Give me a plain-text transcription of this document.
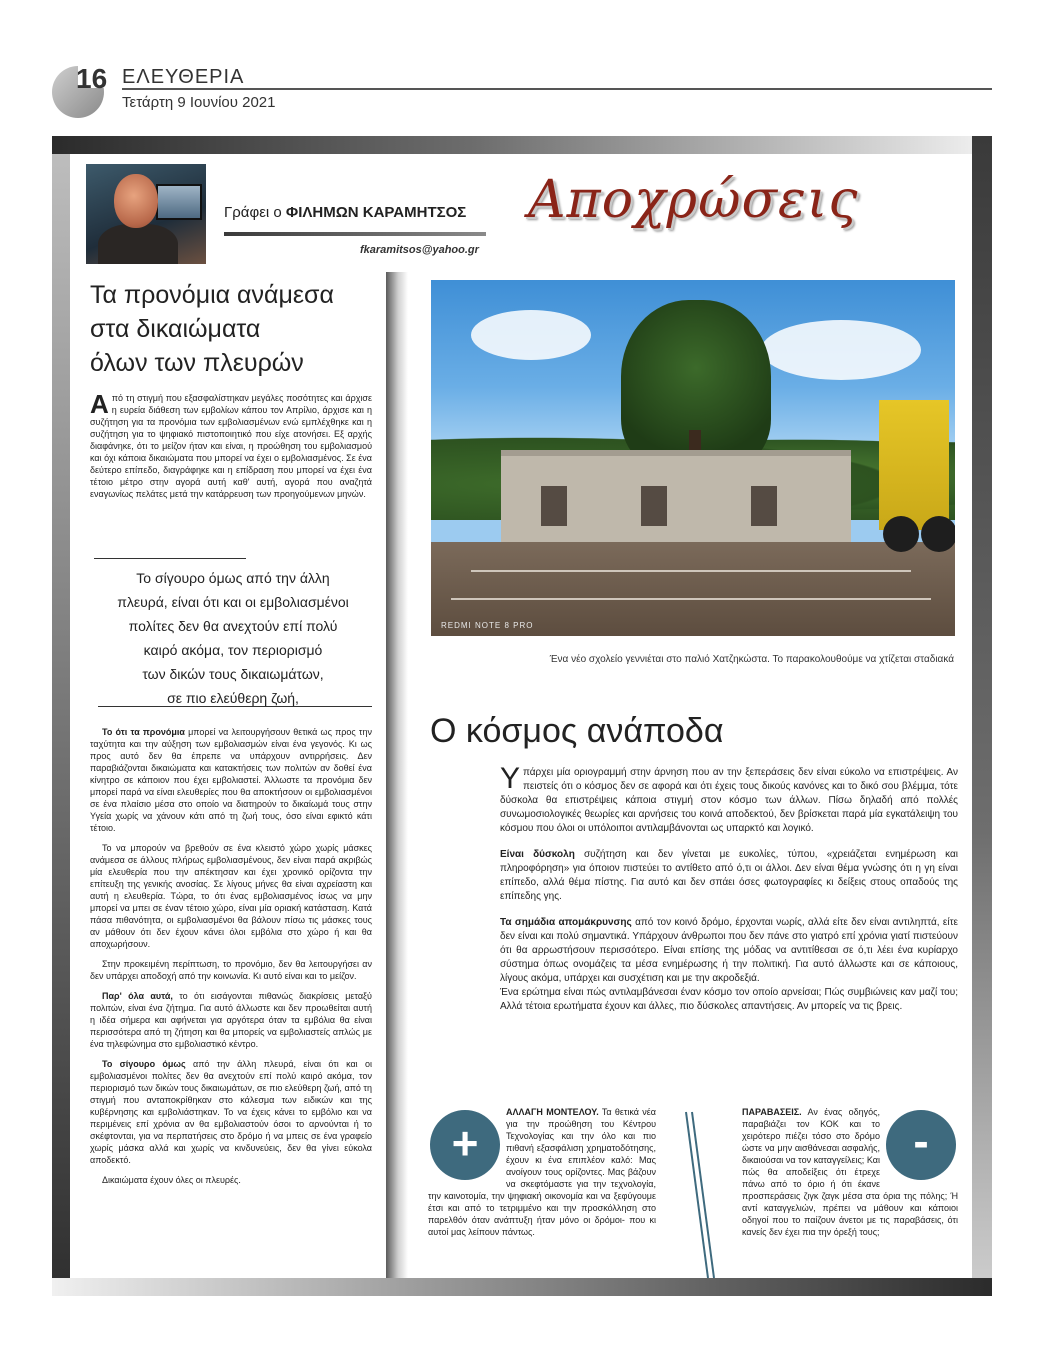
16 ΕΛΕΥΘΕΡΙΑ
Τετάρτη 9 Ιουνίου 2021
Γράφει ο ΦΙΛΗΜΩΝ ΚΑΡΑΜΗΤΣΟΣ
fkaramitsos@yahoo.gr
Αποχρώσεις
Τα προνόμια ανάμεσα
στα δικαιώματα
όλων των πλευρών
Α πό τη στιγμή που εξασφαλίστηκαν μεγάλες ποσότητες και άρχισε η ευρεία διάθεση των εμβολίων κάπου τον Απρίλιο, άρχισε και η συζήτηση για τα προνόμια των εμβολιασμένων ενώ εμπλέχθηκε και η συζήτηση για το ψηφιακό πιστοποιητικό που είχε ατονήσει. Εξ αρχής διαφάνηκε, ότι το μείζον ήταν και είναι, η προώθηση του εμβολιασμού και όχι κάποια δικαιώματα που μπορεί να έχει ο εμβολιασμένος. Σε ένα δεύτερο επίπεδο, διαγράφηκε και η επίδραση που μπορεί να έχει ένα τέτοιο μέτρο στην αγορά αυτή καθ' αυτή, αγορά που αναζητά εναγωνίως πελάτες μετά την κατάρρευση των προηγούμενων μηνών.
Το σίγουρο όμως από την άλλη
πλευρά, είναι ότι και οι εμβολιασμένοι
πολίτες δεν θα ανεχτούν επί πολύ
καιρό ακόμα, τον περιορισμό
των δικών τους δικαιωμάτων,
σε πιο ελεύθερη ζωή,

Το ότι τα προνόμια μπορεί να λειτουργήσουν θετικά ως προς την ταχύτητα και την αύξηση των εμβολιασμών είναι ένα γεγονός. Κι ως προς αυτό δεν θα έπρεπε να υπάρχουν αντιρρήσεις. Δεν παραβιάζονται δικαιώματα και κατακτήσεις των πολιτών αν δοθεί ένα κίνητρο σε κάποιον που έχει εμβολιαστεί. Άλλωστε τα προνόμια δεν μπορεί παρά να είναι ελευθερίες που θα αποκτήσουν οι εμβολιασμένοι σε ένα πλαίσιο μέσα στο οποίο να διατηρούν το δικαίωμά τους στην Υγεία χωρίς να χάνουν κάτι από τη ζωή τους, όσο είναι εφικτό κάτι τέτοιο.

Το να μπορούν να βρεθούν σε ένα κλειστό χώρο χωρίς μάσκες ανάμεσα σε άλλους πλήρως εμβολιασμένους, δεν είναι παρά ακριβώς μία ελευθερία που την απέκτησαν και έχει χρονικό ορίζοντα την επίτευξη της γενικής ανοσίας. Σε λίγους μήνες θα είναι αχρείαστη και αυτή η ελευθερία. Τώρα, το ότι ένας εμβολιασμένος ίσως να μην μπορεί να μπει σε έναν τέτοιο χώρο, είναι μία οριακή κατάσταση. Κατά πάσα πιθανότητα, οι εμβολιασμένοι θα βάλουν πίσω τις μάσκες τους αν μάθουν ότι δεν έχουν κάνει όλοι εμβόλια στο χώρο ή και θα αποχωρήσουν.

Στην προκειμένη περίπτωση, το προνόμιο, δεν θα λειτουργήσει αν δεν υπάρχει αποδοχή από την κοινωνία. Κι αυτό είναι και το μείζον.

Παρ' όλα αυτά, το ότι εισάγονται πιθανώς διακρίσεις μεταξύ πολιτών, είναι ένα ζήτημα. Για αυτό άλλωστε και δεν προωθείται αυτή η ιδέα σήμερα και αφήνεται για αργότερα όταν τα εμβόλια θα είναι περισσότερα από τη ζήτηση και θα μπορείς να εμβολιαστείς απλώς με ένα τηλεφώνημα στο εμβολιαστικό κέντρο.

Το σίγουρο όμως από την άλλη πλευρά, είναι ότι και οι εμβολιασμένοι πολίτες δεν θα ανεχτούν επί πολύ καιρό ακόμα, τον περιορισμό των δικών τους δικαιωμάτων, σε πιο ελεύθερη ζωή, από τη στιγμή που ανταποκρίθηκαν στο κάλεσμα των ειδικών και της κυβέρνησης και εμβολιάστηκαν. Το να έχεις κάνει το εμβόλιο και να περιμένεις επί χρόνια αν θα εμβολιαστούν όσοι το αρνούνται ή το σκέφτονται, για να περπατήσεις στο δρόμο ή να μπεις σε ένα γραφείο χωρίς μάσκα αλλά και χωρίς να κινδυνεύεις, δεν θα γίνει εύκολα αποδεκτό.

Δικαιώματα έχουν όλες οι πλευρές.

REDMI NOTE 8 PRO
Ένα νέο σχολείο γεννιέται στο παλιό Χατζηκώστα. Το παρακολουθούμε να χτίζεται σταδιακά
Ο κόσμος ανάποδα

Υπάρχει μία οριογραμμή στην άρνηση που αν την ξεπεράσεις δεν είναι εύκολο να επιστρέψεις. Αν πειστείς ότι ο κόσμος δεν σε αφορά και ότι έχεις τους δικούς κανόνες και το δικό σου βλέμμα, τότε δύσκολα θα επιστρέψεις κάποια στιγμή στον κόσμο των άλλων. Πίσω δηλαδή από πολλές συνωμοσιολογικές θεωρίες και αρνήσεις του κοινά αποδεκτού, δεν βρίσκεται παρά μία εγκατάλειψη του κόσμου που όλοι οι υπόλοιποι αντιλαμβάνονται ως υπαρκτό και λογικό.

Είναι δύσκολη συζήτηση και δεν γίνεται με ευκολίες, τύπου, «χρειάζεται ενημέρωση και πληροφόρηση» για όποιον πιστεύει το αντίθετο από ό,τι οι άλλοι. Δεν είναι θέμα γνώσης ότι η γη είναι επίπεδο, αλλά θέμα πίστης. Για αυτό και δεν σπάει όσες φωτογραφίες κι δείξεις στους οπαδούς της επίπεδης γης.

Τα σημάδια απομάκρυνσης από τον κοινό δρόμο, έρχονται νωρίς, αλλά είτε δεν είναι αντιληπτά, είτε δεν είναι και πολύ σημαντικά. Υπάρχουν άνθρωποι που δεν πάνε στο γιατρό επί χρόνια γιατί πιστεύουν ότι θα αρρωστήσουν περισσότερο. Είναι επίσης της μόδας να αντιτίθεσαι σε ό,τι λέει ένα κυρίαρχο σύστημα όπως ονομάζεις τα μέσα ενημέρωσης ή την πολιτική. Για αυτό άλλωστε και σε κάποιους, λίγους ακόμα, υπάρχει και συσχέτιση και με την ακροδεξιά.

Ένα ερώτημα είναι πώς αντιλαμβάνεσαι έναν κόσμο τον οποίο αρνείσαι; Πώς συμβιώνεις καν μαζί του; Αλλά τέτοια ερωτήματα έχουν και άλλες, πιο δύσκολες απαντήσεις. Αν μπορείς να τις βρεις.

ΑΛΛΑΓΗ ΜΟΝΤΕΛΟΥ. Τα θετικά νέα για την προώθηση του Κέντρου Τεχνολογίας και την όλο και πιο πιθανή εξασφάλιση χρηματοδότησης, έχουν κι ένα επιπλέον καλό: Μας ανοίγουν τους ορίζοντες. Μας βάζουν να σκεφτόμαστε για την τεχνολογία, την καινοτομία, την ψηφιακή οικονομία και να ξεφύγουμε έτσι και από το τετριμμένο και την προσκόλληση στο παρελθόν όταν ανάπτυξη ήταν μόνο οι δρόμοι- που κι αυτοί μας λείπουν πάντως.
+
ΠΑΡΑΒΑΣΕΙΣ. Αν ένας οδηγός, παραβιάζει τον ΚΟΚ και το χειρότερο πιέζει τόσο στο δρόμο ώστε να μην αισθάνεσαι ασφαλής, δικαιούσαι να τον καταγγείλεις; Και πώς θα αποδείξεις ότι έτρεχε πάνω από το όριο ή ότι έκανε προσπεράσεις ζιγκ ζαγκ μέσα στα όρια της πόλης; Ή αντί καταγγελιών, πρέπει να μάθουν και κάποιοι οδηγοί που το παίζουν άνετοι με τις παραβάσεις, ότι κανείς δεν έχει πια την όρεξή τους;
-
